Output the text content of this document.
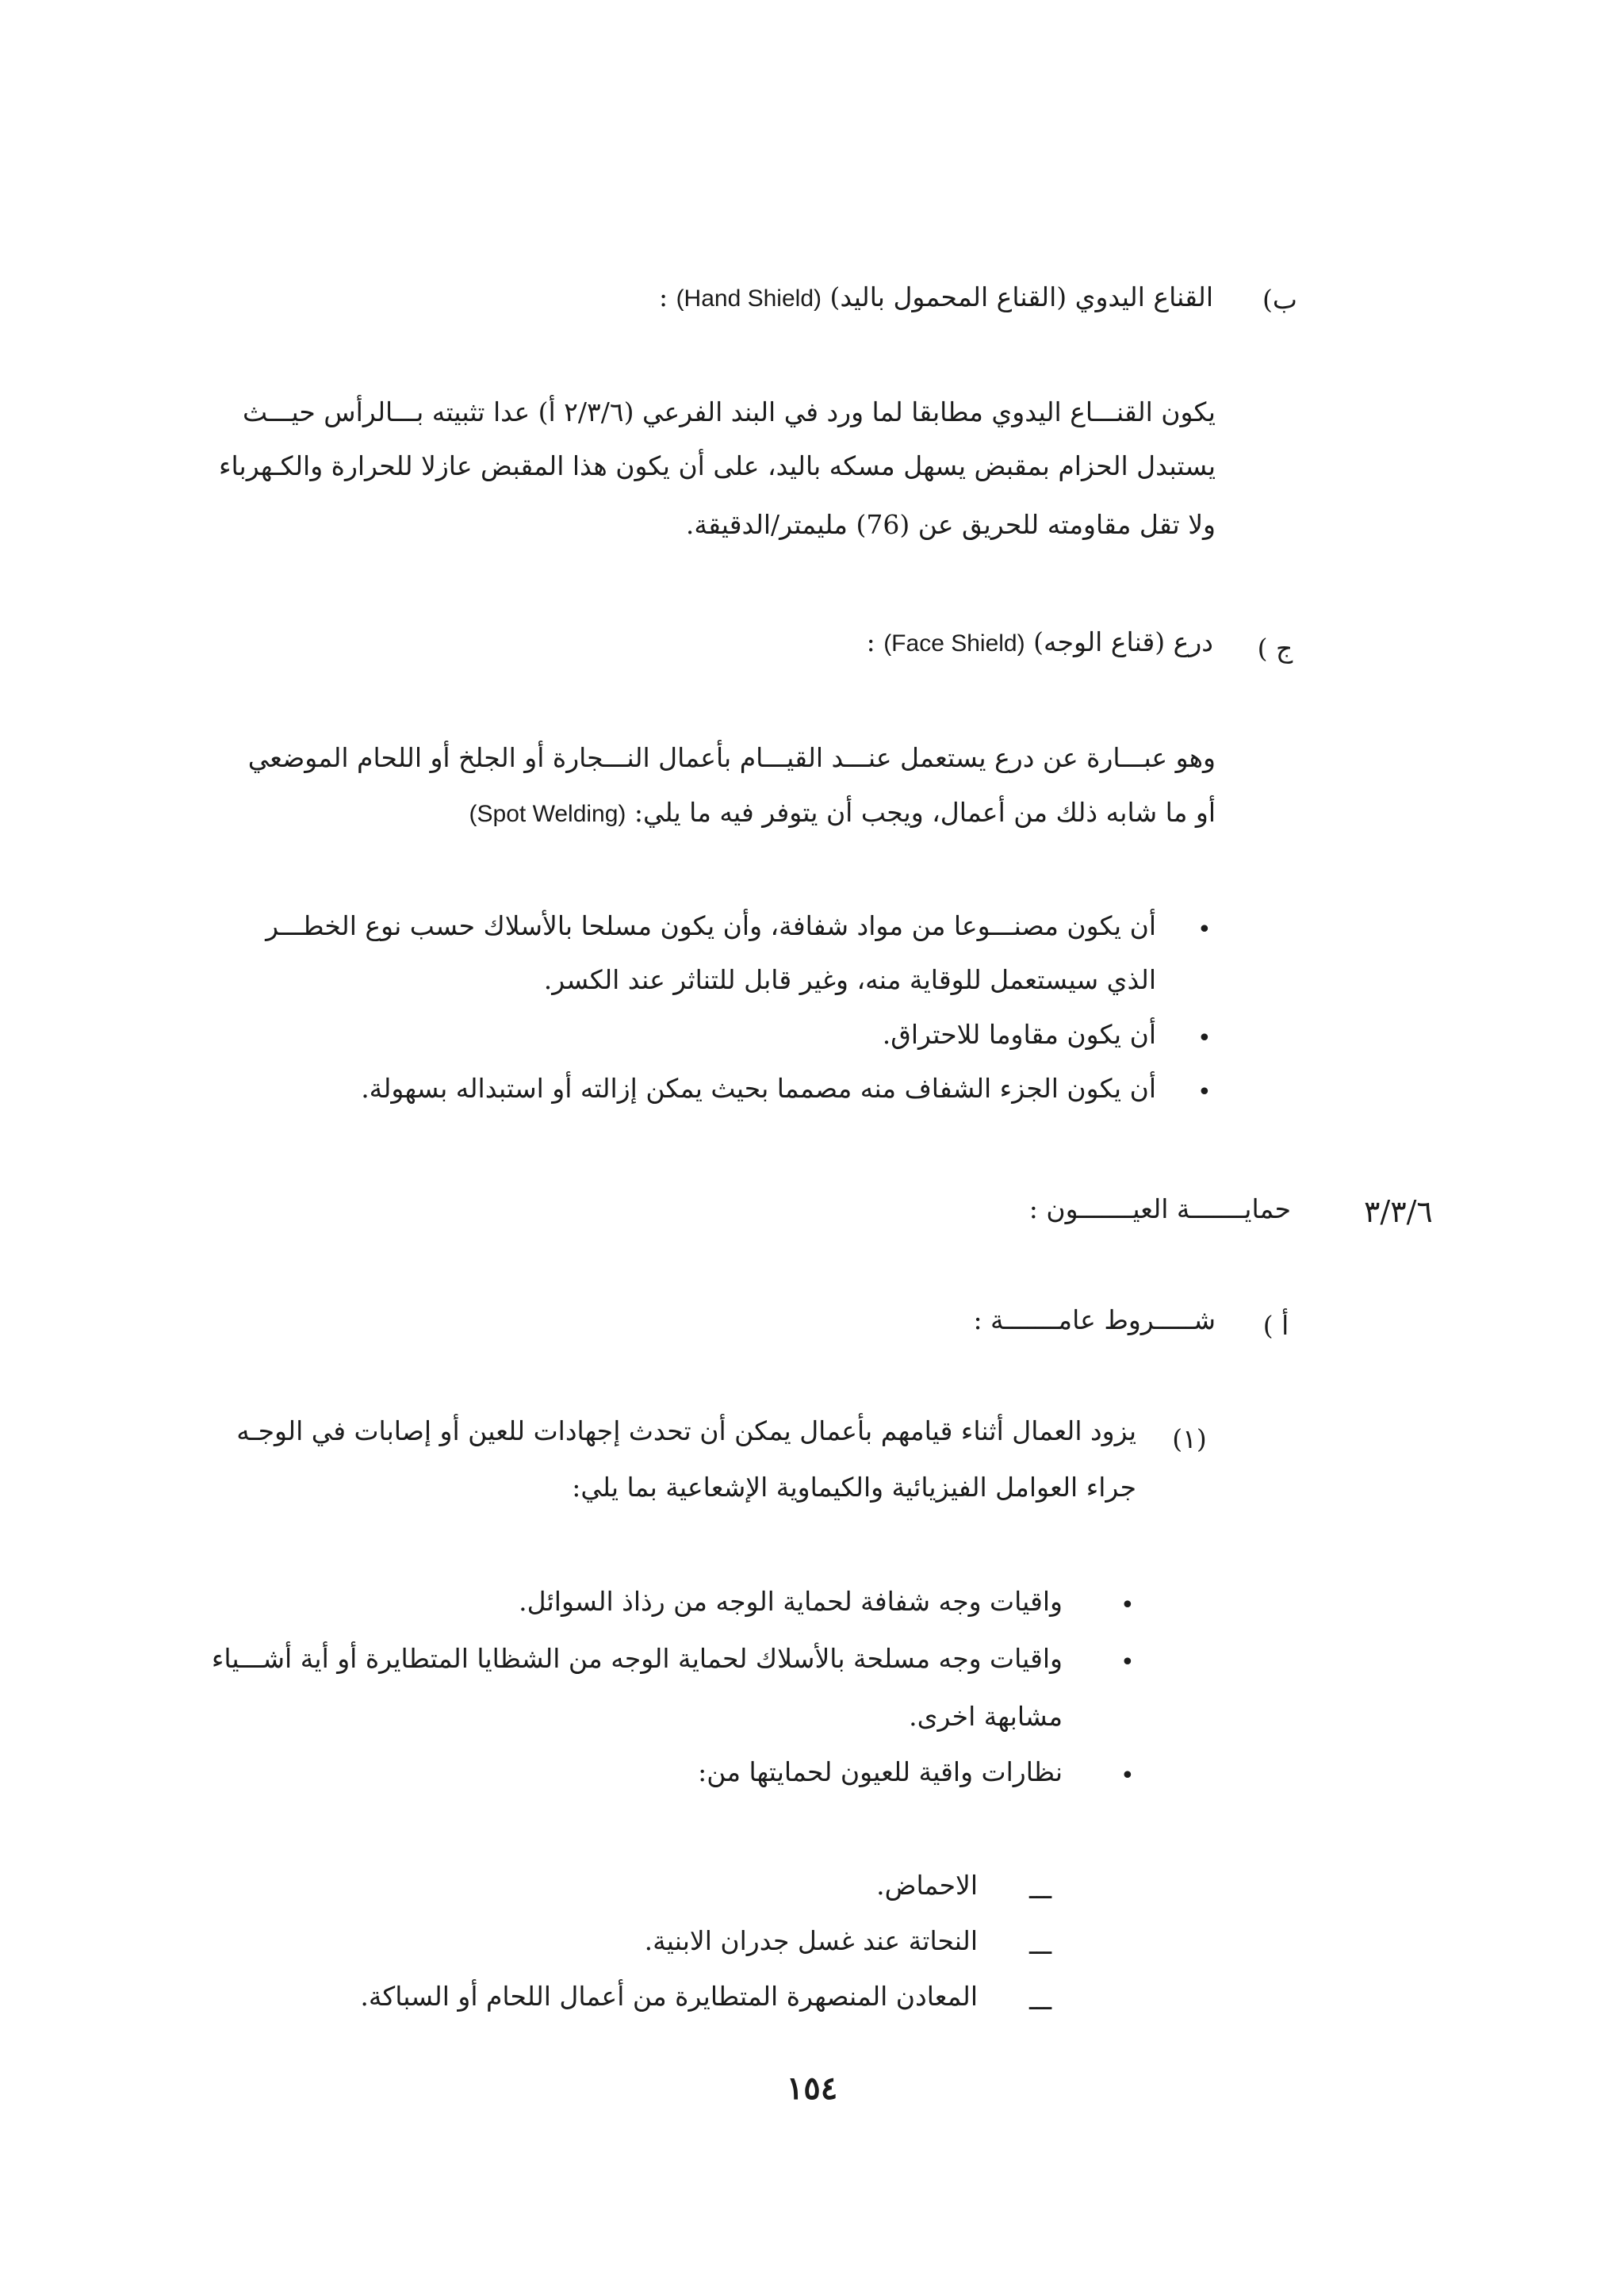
ب)
القناع اليدوي (القناع المحمول باليد) (Hand Shield) :
يكون القنـــاع اليدوي مطابقا لما ورد في البند الفرعي (٢/٣/٦ أ) عدا تثبيته بـــالرأس حيـــث
يستبدل الحزام بمقبض يسهل مسكه باليد، على أن يكون هذا المقبض عازلا للحرارة والكـهرباء
ولا تقل مقاومته للحريق عن (76) مليمتر/الدقيقة.
ج )
درع (قناع الوجه) (Face Shield) :
وهو عبـــارة عن درع يستعمل عنـــد القيـــام بأعمال النـــجارة أو الجلخ أو اللحام الموضعي
أو ما شابه ذلك من أعمال، ويجب أن يتوفر فيه ما يلي: (Spot Welding)
•
أن يكون مصنـــوعا من مواد شفافة، وأن يكون مسلحا بالأسلاك حسب نوع الخطـــر
الذي سيستعمل للوقاية منه، وغير قابل للتناثر عند الكسر.
•
أن يكون مقاوما للاحتراق.
•
أن يكون الجزء الشفاف منه مصمما بحيث يمكن إزالته أو استبداله بسهولة.
٣/٣/٦
حمايـــــــة العيـــــــون :
أ )
شـــــروط عامـــــــة :
(١)
يزود العمال أثناء قيامهم بأعمال يمكن أن تحدث إجهادات للعين أو إصابات في الوجـه
جراء العوامل الفيزيائية والكيماوية الإشعاعية بما يلي:
•
واقيات وجه شفافة لحماية الوجه من رذاذ السوائل.
•
واقيات وجه مسلحة بالأسلاك لحماية الوجه من الشظايا المتطايرة أو أية أشـــياء
مشابهة اخرى.
•
نظارات واقية للعيون لحمايتها من:
ـــ
الاحماض.
ـــ
النحاتة عند غسل جدران الابنية.
ـــ
المعادن المنصهرة المتطايرة من أعمال اللحام أو السباكة.
١٥٤
